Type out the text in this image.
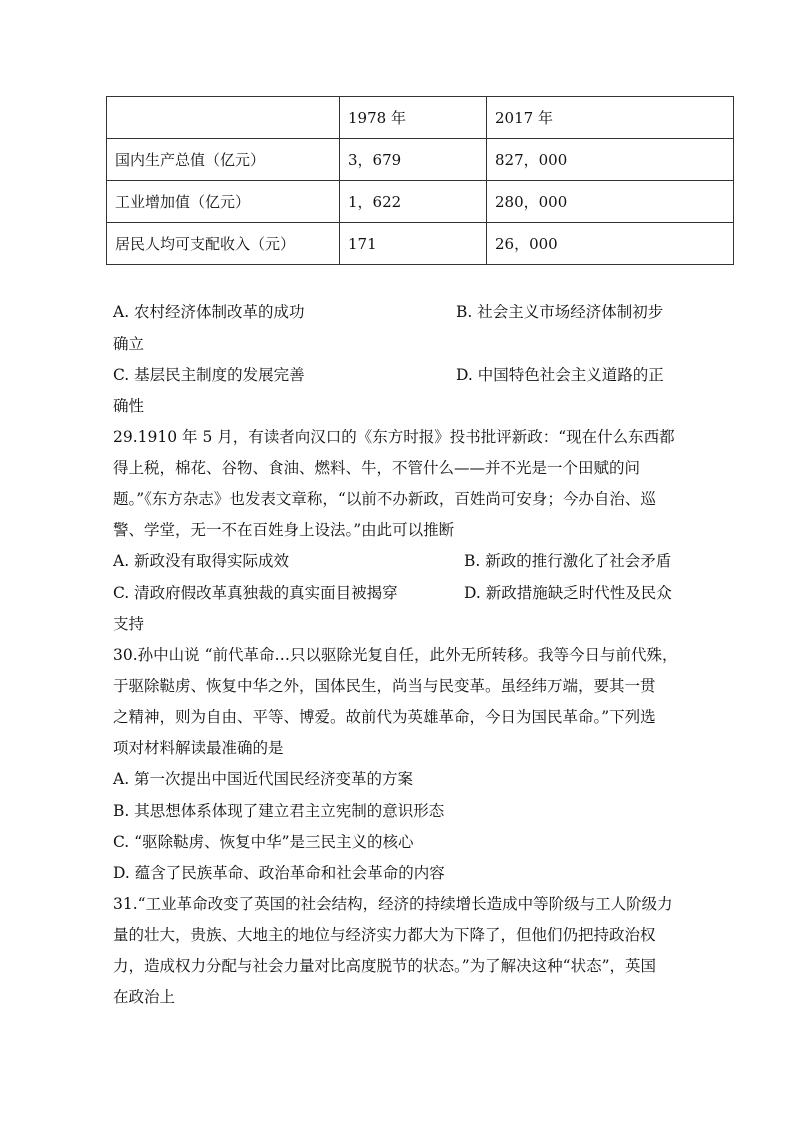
	1978 年	2017 年
国内生产总值（亿元）	3，679	827，000
工业增加值（亿元）	1，622	280，000
居民人均可支配收入（元）	171	26，000
A. 农村经济体制改革的成功	B. 社会主义市场经济体制初步
确立
C. 基层民主制度的发展完善	D. 中国特色社会主义道路的正
确性
29.1910 年 5 月，有读者向汉口的《东方时报》投书批评新政：“现在什么东西都
得上税，棉花、谷物、食油、燃料、牛，不管什么——并不光是一个田赋的问
题。”《东方杂志》也发表文章称，“以前不办新政，百姓尚可安身；今办自治、巡
警、学堂，无一不在百姓身上设法。”由此可以推断
A. 新政没有取得实际成效	B. 新政的推行激化了社会矛盾
C. 清政府假改革真独裁的真实面目被揭穿	D. 新政措施缺乏时代性及民众
支持
30.孙中山说 “前代革命…只以驱除光复自任，此外无所转移。我等今日与前代殊，
于驱除鞑虏、恢复中华之外，国体民生，尚当与民变革。虽经纬万端，要其一贯
之精神，则为自由、平等、博爱。故前代为英雄革命，今日为国民革命。”下列选
项对材料解读最准确的是
A. 第一次提出中国近代国民经济变革的方案
B. 其思想体系体现了建立君主立宪制的意识形态
C. “驱除鞑虏、恢复中华”是三民主义的核心
D. 蕴含了民族革命、政治革命和社会革命的内容
31.“工业革命改变了英国的社会结构，经济的持续增长造成中等阶级与工人阶级力
量的壮大，贵族、大地主的地位与经济实力都大为下降了，但他们仍把持政治权
力，造成权力分配与社会力量对比高度脱节的状态。”为了解决这种“状态”，英国
在政治上
